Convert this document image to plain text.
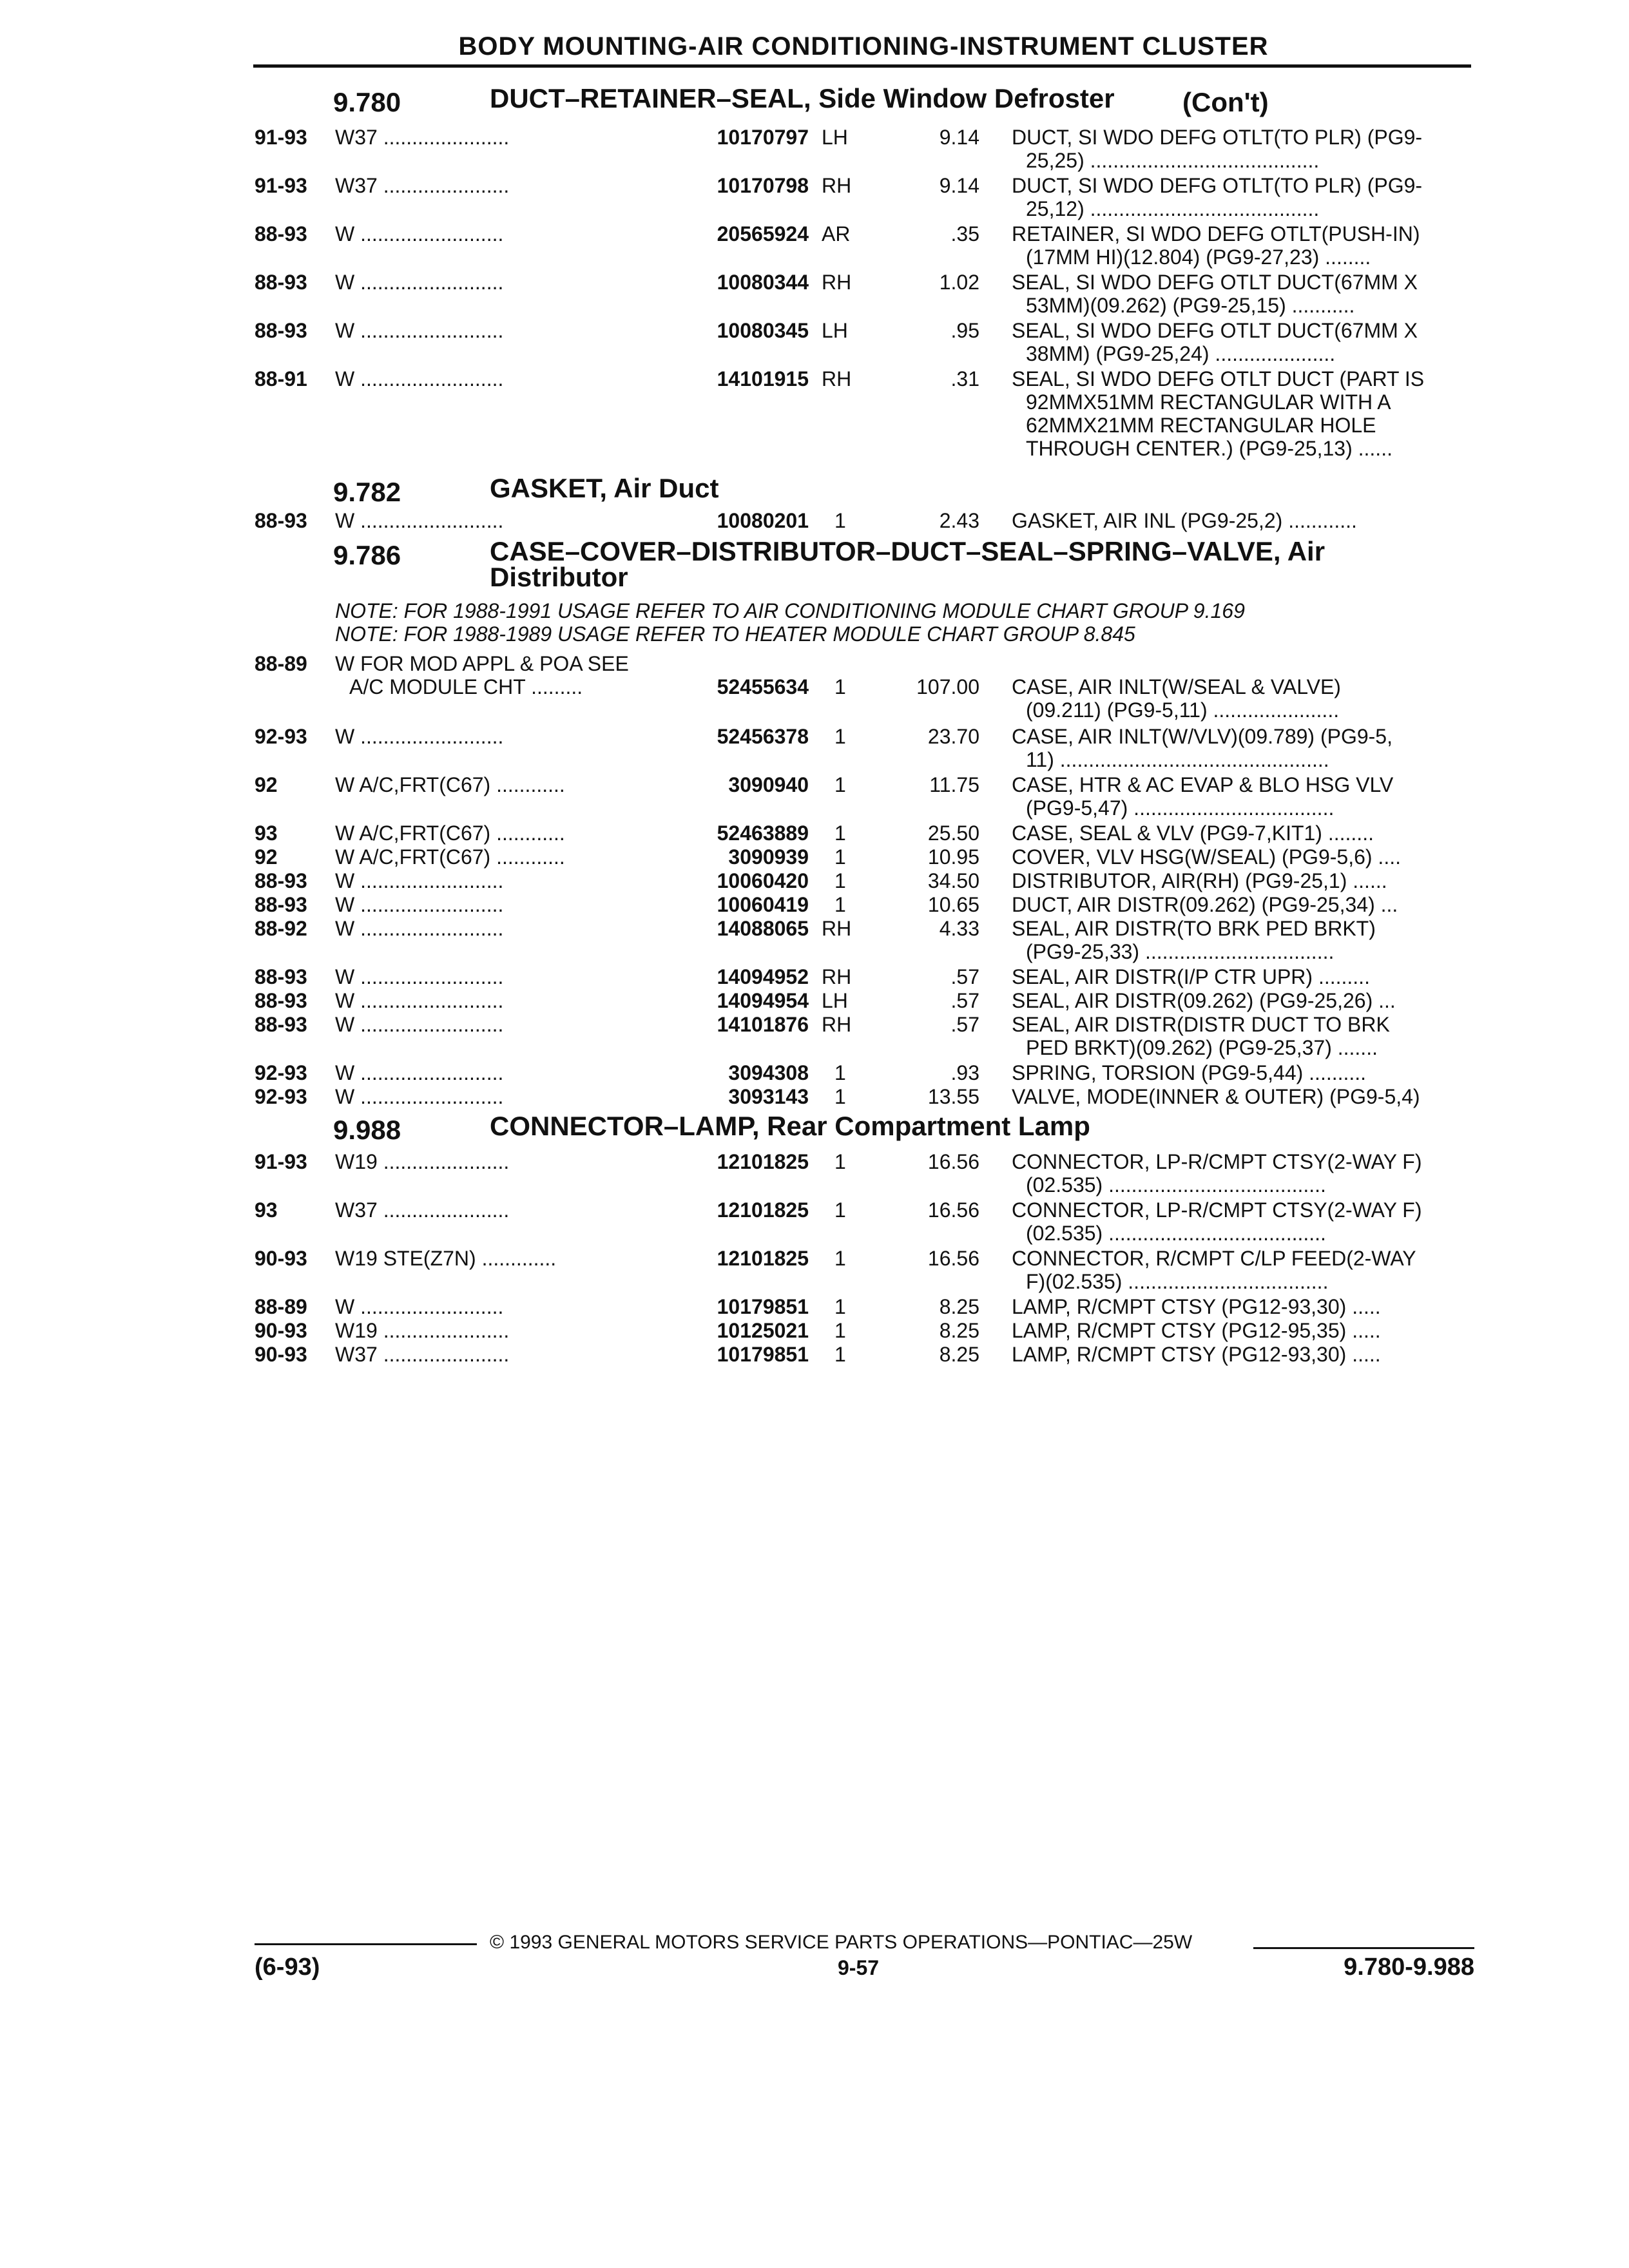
BODY MOUNTING-AIR CONDITIONING-INSTRUMENT CLUSTER
9.780	DUCT–RETAINER–SEAL, Side Window Defroster	(Con't)
91-93 W37 ......................	10170797 LH	9.14 DUCT, SI WDO DEFG OTLT(TO PLR) (PG9-
25,25) ........................................
91-93 W37 ......................	10170798 RH	9.14 DUCT, SI WDO DEFG OTLT(TO PLR) (PG9-
25,12) ........................................
88-93 W .........................	20565924 AR	.35 RETAINER, SI WDO DEFG OTLT(PUSH-IN)
(17MM HI)(12.804) (PG9-27,23) ........
88-93 W .........................	10080344 RH	1.02 SEAL, SI WDO DEFG OTLT DUCT(67MM X
53MM)(09.262) (PG9-25,15) ...........
88-93 W .........................	10080345 LH	.95 SEAL, SI WDO DEFG OTLT DUCT(67MM X
38MM) (PG9-25,24) .....................
88-91 W .........................	14101915 RH	.31 SEAL, SI WDO DEFG OTLT DUCT (PART IS
92MMX51MM RECTANGULAR WITH A
62MMX21MM RECTANGULAR HOLE
THROUGH CENTER.) (PG9-25,13) ......
9.782	GASKET, Air Duct
88-93 W .........................	10080201 1	2.43 GASKET, AIR INL (PG9-25,2) ............
9.786	CASE–COVER–DISTRIBUTOR–DUCT–SEAL–SPRING–VALVE, Air
Distributor
NOTE: FOR 1988-1991 USAGE REFER TO AIR CONDITIONING MODULE CHART GROUP 9.169
NOTE: FOR 1988-1989 USAGE REFER TO HEATER MODULE CHART GROUP 8.845
88-89 W FOR MOD APPL & POA SEE
A/C MODULE CHT .........	52455634 1	107.00 CASE, AIR INLT(W/SEAL & VALVE)
(09.211) (PG9-5,11) ......................
92-93 W .........................	52456378 1	23.70 CASE, AIR INLT(W/VLV)(09.789) (PG9-5,
11) ...............................................
92	W A/C,FRT(C67) ............	3090940 1	11.75 CASE, HTR & AC EVAP & BLO HSG VLV
(PG9-5,47) ...................................
93	W A/C,FRT(C67) ............	52463889 1	25.50 CASE, SEAL & VLV (PG9-7,KIT1) ........
92	W A/C,FRT(C67) ............	3090939 1	10.95 COVER, VLV HSG(W/SEAL) (PG9-5,6) ....
88-93 W .........................	10060420 1	34.50 DISTRIBUTOR, AIR(RH) (PG9-25,1) ......
88-93 W .........................	10060419 1	10.65 DUCT, AIR DISTR(09.262) (PG9-25,34) ...
88-92 W .........................	14088065 RH	4.33 SEAL, AIR DISTR(TO BRK PED BRKT)
(PG9-25,33) .................................
88-93 W .........................	14094952 RH	.57 SEAL, AIR DISTR(I/P CTR UPR) .........
88-93 W .........................	14094954 LH	.57 SEAL, AIR DISTR(09.262) (PG9-25,26) ...
88-93 W .........................	14101876 RH	.57 SEAL, AIR DISTR(DISTR DUCT TO BRK
PED BRKT)(09.262) (PG9-25,37) .......
92-93 W .........................	3094308 1	.93 SPRING, TORSION (PG9-5,44) ..........
92-93 W .........................	3093143 1	13.55 VALVE, MODE(INNER & OUTER) (PG9-5,4)
9.988	CONNECTOR–LAMP, Rear Compartment Lamp
91-93 W19 ......................	12101825 1	16.56 CONNECTOR, LP-R/CMPT CTSY(2-WAY F)
(02.535) ......................................
93	W37 ......................	12101825 1	16.56 CONNECTOR, LP-R/CMPT CTSY(2-WAY F)
(02.535) ......................................
90-93 W19 STE(Z7N) .............	12101825 1	16.56 CONNECTOR, R/CMPT C/LP FEED(2-WAY
F)(02.535) ...................................
88-89 W .........................	10179851 1	8.25 LAMP, R/CMPT CTSY (PG12-93,30) .....
90-93 W19 ......................	10125021 1	8.25 LAMP, R/CMPT CTSY (PG12-95,35) .....
90-93 W37 ......................	10179851 1	8.25 LAMP, R/CMPT CTSY (PG12-93,30) .....
© 1993 GENERAL MOTORS SERVICE PARTS OPERATIONS—PONTIAC—25W
(6-93)	9-57	9.780-9.988
